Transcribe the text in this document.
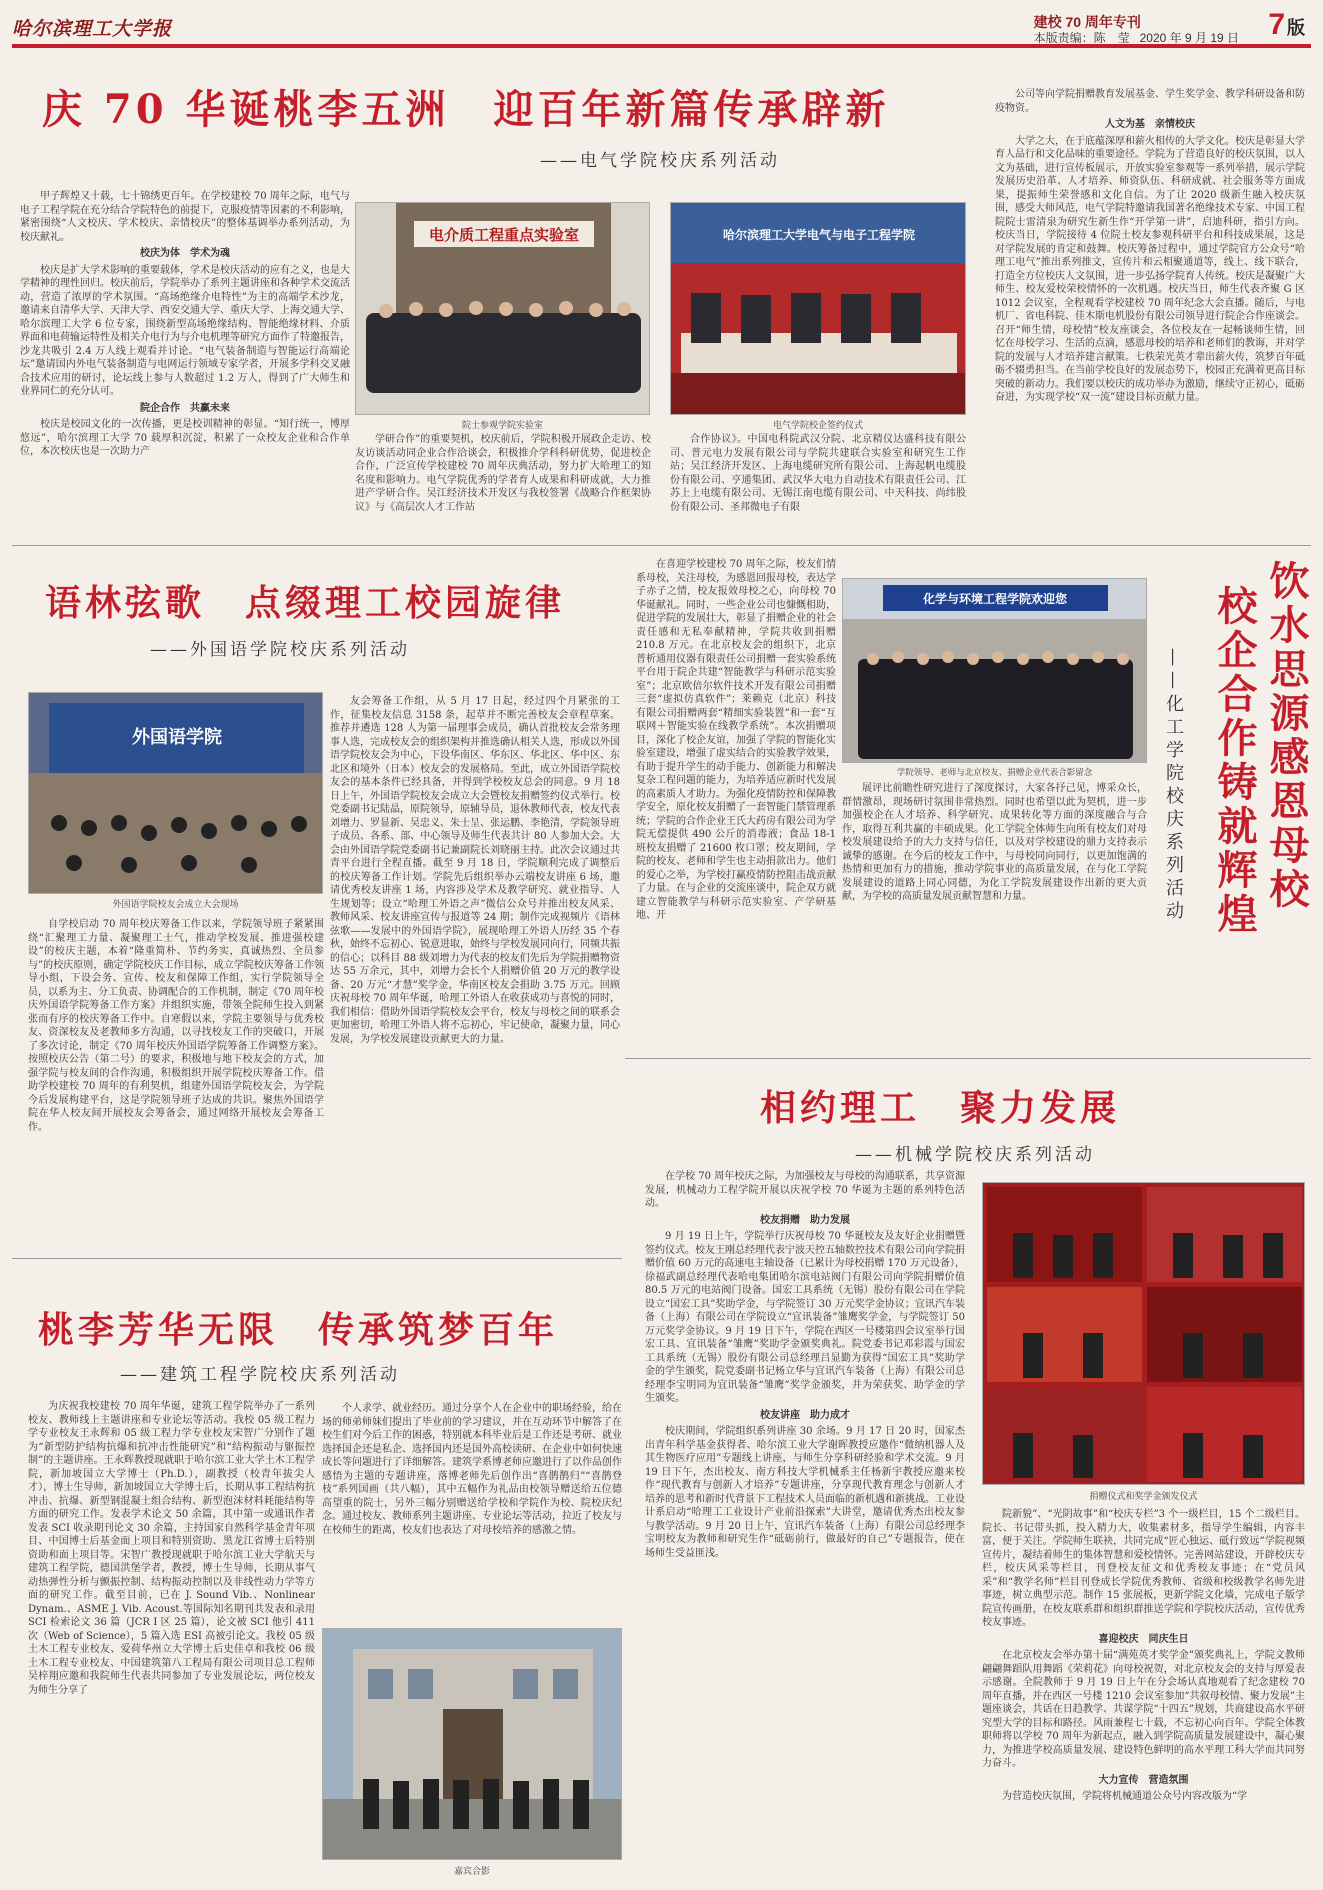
哈尔滨理工大学报	建校 70 周年专刊
本版责编：陈　莹 2020 年 9 月 19 日 7 版
庆 70 华诞桃李五洲　迎百年新篇传承辟新
——电气学院校庆系列活动

甲子辉煌又十载，七十锦绣更百年。在学校建校 70 周年之际，电气与电子工程学院在充分结合学院特色的前提下，克服疫情等因素的不利影响，紧密围绕“人文校庆、学术校庆、亲情校庆”的整体基调举办系列活动，为校庆献礼。

校庆为体　学术为魂

校庆是扩大学术影响的重要载体，学术是校庆活动的应有之义，也是大学精神的理性回归。校庆前后，学院举办了系列主题讲座和各种学术交流活动，营造了浓厚的学术氛围。“高场绝缘介电特性”为主的高端学术沙龙，邀请来自清华大学、天津大学、西安交通大学、重庆大学、上海交通大学、哈尔滨理工大学 6 位专家，围绕新型高场绝缘结构、智能绝缘材料、介质界面和电荷输运特性及相关介电行为与介电机理等研究方面作了特邀报告，沙龙共吸引 2.4 万人线上观看并讨论。“电气装备制造与智能运行高端论坛”邀请国内外电气装备制造与电网运行领域专家学者，开展多学科交叉融合技术应用的研讨，论坛线上参与人数超过 1.2 万人，得到了广大师生和业界同仁的充分认可。

院企合作　共赢未来

校庆是校园文化的一次传播，更是校训精神的彰显。“知行统一，博厚悠远”，哈尔滨理工大学 70 载厚积沉淀，积累了一众校友企业和合作单位，本次校庆也是一次助力产

电介质工程重点实验室
院士参观学院实验室
哈尔滨理工大学电气与电子工程学院
电气学院校企签约仪式

学研合作”的重要契机，校庆前后，学院积极开展政企走访、校友访谈活动同企业合作洽谈会，积极推介学科科研优势，促进校企合作，广泛宣传学校建校 70 周年庆典活动，努力扩大哈理工的知名度和影响力。电气学院优秀的学者育人成果和科研成就，大力推进产学研合作。吴江经济技术开发区与我校签署《战略合作框架协议》与《高层次人才工作站

合作协议》。中国电科院武汉分院、北京精仪达盛科技有限公司、普元电力发展有限公司与学院共建联合实验室和研究生工作站；吴江经济开发区、上海电缆研究所有限公司、上海起帆电缆股份有限公司、亨通集团、武汉华大电力自动技术有限责任公司、江苏上上电缆有限公司、无锡江南电缆有限公司、中天科技、尚纬股份有限公司、圣邦微电子有限

公司等向学院捐赠教育发展基金、学生奖学金、教学科研设备和防疫物资。

人文为基　亲情校庆

大学之大，在于底蕴深厚和薪火相传的大学文化。校庆是彰显大学育人品行和文化品味的重要途径。学院为了营造良好的校庆氛围，以人文为基础，进行宣传板展示，开放实验室参观等一系列举措，展示学院发展历史沿革、人才培养、师资队伍、科研成就、社会服务等方面成果，提振师生荣誉感和文化自信。为了让 2020 级新生融入校庆氛围，感受大师风范，电气学院特邀请我国著名绝缘技术专家、中国工程院院士雷清泉为研究生新生作“开学第一讲”，启迪科研，指引方向。校庆当日，学院接待 4 位院士校友参观科研平台和科技成果展，这是对学院发展的肯定和鼓舞。校庆筹备过程中，通过学院官方公众号“哈理工电气”推出系列推文，宣传片和云相聚通道等，线上、线下联合，打造全方位校庆人文氛围，进一步弘扬学院育人传统。校庆是凝聚广大师生、校友爱校荣校情怀的一次机遇。校庆当日，师生代表齐聚 G 区 1012 会议室，全程观看学校建校 70 周年纪念大会直播。随后，与电机厂、省电科院、佳木斯电机股份有限公司领导进行院企合作座谈会。召开“师生情，母校情”校友座谈会，各位校友在一起畅谈师生情，回忆在母校学习、生活的点滴，感恩母校的培养和老师们的教诲，并对学院的发展与人才培养建言献策。七秩荣光英才辈出薪火传，筑梦百年砥砺不辍勇担当。在当前学校良好的发展态势下，校园正充满着更高目标突破的新动力。我们要以校庆的成功举办为激励，继续守正初心，砥砺奋进，为实现学校“双一流”建设目标贡献力量。

语林弦歌　点缀理工校园旋律
——外国语学院校庆系列活动
外国语学院
外国语学院校友会成立大会现场

自学校启动 70 周年校庆筹备工作以来，学院领导班子紧紧围绕“汇聚理工力量、凝聚理工士气，推动学校发展、推进强校建设”的校庆主题，本着“隆重简朴、节约务实，真诚热烈、全员参与”的校庆原则，确定学院校庆工作目标，成立学院校庆筹备工作领导小组，下设会务、宣传、校友和保障工作组，实行学院领导全员，以系为主、分工负责、协调配合的工作机制，制定《70 周年校庆外国语学院筹备工作方案》并组织实施，带领全院师生投入到紧张而有序的校庆筹备工作中。自寒假以来，学院主要领导与优秀校友、资深校友及老教师多方沟通，以寻找校友工作的突破口，开展了多次讨论，制定《70 周年校庆外国语学院筹备工作调整方案》。按照校庆公告（第二号）的要求，积极地与地下校友会的方式，加强学院与校友间的合作沟通，积极组织开展学院校庆筹备工作。借助学校建校 70 周年的有利契机，组建外国语学院校友会，为学院今后发展构建平台，这是学院领导班子达成的共识。聚焦外国语学院在华人校友间开展校友会筹备会，通过网络开展校友会筹备工作。

友会筹备工作组，从 5 月 17 日起，经过四个月紧张的工作，征集校友信息 3158 条，起草并不断完善校友会章程草案。推荐并遴选 128 人为第一届理事会成员，确认首批校友会常务理事人选，完成校友会的组织架构并推选确认相关人选，形成以外国语学院校友会为中心，下设华南区、华东区、华北区、华中区、东北区和境外（日本）校友会的发展格局。至此，成立外国语学院校友会的基本条件已经具备，并得到学校校友总会的同意。9 月 18 日上午，外国语学院校友会成立大会暨校友捐赠签约仪式举行。校党委副书记陆晶，原院领导，原辅导员，退休教师代表，校友代表刘增力、罗显新、吴忠义、朱士呈、张运鹏、李艳清，学院领导班子成员、各系、部、中心领导及师生代表共计 80 人参加大会。大会由外国语学院党委副书记兼副院长刘晓丽主持。此次会议通过共青平台进行全程直播。截至 9 月 18 日，学院顺利完成了调整后的校庆筹备工作计划。学院先后组织举办云端校友讲座 6 场，邀请优秀校友讲座 1 场，内容涉及学术及教学研究、就业指导、人生规划等；设立“哈理工外语之声”微信公众号并推出校友风采、教师风采、校友讲座宣传与报道等 24 期；制作完成视频片《语林弦歌——发展中的外国语学院》，展现哈理工外语人历经 35 个春秋，始终不忘初心、锐意进取，始终与学校发展同向行，同频共振的信心；以科目 88 级刘增力为代表的校友们先后为学院捐赠物资达 55 万余元，其中，刘增力会长个人捐赠价值 20 万元的教学设备、20 万元“才慧”奖学金，华南区校友会捐助 3.75 万元。回顾庆祝母校 70 周年华诞，哈理工外语人在收获成功与喜悦的同时，我们相信：借助外国语学院校友会平台，校友与母校之间的联系会更加密切，哈理工外语人将不忘初心，牢记使命，凝聚力量，同心发展，为学校发展建设贡献更大的力量。

在喜迎学校建校 70 周年之际，校友们情系母校，关注母校，为感恩回报母校，表达学子赤子之情，校友报效母校之心，向母校 70 华诞献礼。同时，一些企业公司也慷慨相助，促进学院的发展壮大，彰显了捐赠企业的社会责任感和无私奉献精神，学院共收到捐赠 210.8 万元。在北京校友会的组织下，北京普析通用仪器有限责任公司捐赠一套实验系统平台用于院企共建“智能教学与科研示范实验室”；北京欧倍尔软件技术开发有限公司捐赠三套“虚拟仿真软件”；莱赖克（北京）科技有限公司捐赠两套“精细实验装置”和一套“互联网＋智能实验在线教学系统”。本次捐赠项目，深化了校企友谊，加强了学院的智能化实验室建设，增强了虚实结合的实验教学效果，有助于提升学生的动手能力、创新能力和解决复杂工程问题的能力，为培养适应新时代发展的高素质人才助力。为强化疫情防控和保障教学安全，原化校友捐赠了一套智能门禁管理系统；学院的合作企业王氏大药房有限公司为学院无偿提供 490 公斤的消毒液；食品 18-1 班校友捐赠了 21600 枚口罩；校友期间，学院的校友、老师和学生也主动捐款出力。他们的爱心之举，为学校打赢疫情防控阻击战贡献了力量。在与企业的交流座谈中，院企双方就建立智能教学与科研示范实验室、产学研基地、开

化学与环境工程学院欢迎您
学院领导、老师与北京校友、捐赠企业代表合影留念

展评比前瞻性研究进行了深度探讨，大家各抒己见，博采众长，群情激昂，现场研讨氛围非常热烈。同时也希望以此为契机，进一步加强校企在人才培养、科学研究、成果转化等方面的深度融合与合作，取得互利共赢的丰硕成果。化工学院全体师生向所有校友们对母校发展建设给予的大力支持与信任，以及对学校建设的鼎力支持表示诚挚的感谢。在今后的校友工作中，与母校同向同行，以更加饱满的热情和更加有力的措施，推动学院事业的高质量发展，在与化工学院发展建设的道路上同心同德，为化工学院发展建设作出新的更大贡献，为学校的高质量发展贡献智慧和力量。	饮水思源感恩母校
校企合作铸就辉煌
——化工学院校庆系列活动
相约理工　聚力发展
——机械学院校庆系列活动

在学校 70 周年校庆之际，为加强校友与母校的沟通联系，共享资源发展，机械动力工程学院开展以庆祝学校 70 华诞为主题的系列特色活动。

校友捐赠　助力发展

9 月 19 日上午，学院举行庆祝母校 70 华诞校友及友好企业捐赠暨签约仪式。校友王刚总经理代表宁波天控五轴数控技术有限公司向学院捐赠价值 60 万元的高速电主轴设备（已累计为母校捐赠 170 万元设备），徐福武副总经理代表哈电集团哈尔滨电站阀门有限公司向学院捐赠价值 80.5 万元的电站阀门设备。国宏工具系统（无锡）股份有限公司在学院设立“国宏工具”奖助学金，与学院签订 30 万元奖学金协议；宜讯汽车装备（上海）有限公司在学院设立“宜讯装备”雏鹰奖学金，与学院签订 50 万元奖学金协议。9 月 19 日下午，学院在西区一号楼第四会议室举行国宏工具、宜讯装备“雏鹰”奖助学金颁奖典礼。院党委书记邓彩霞与国宏工具系统（无锡）股份有限公司总经理吕显勤为获得“国宏工具”奖助学金的学生颁奖，院党委副书记杨立华与宜讯汽车装备（上海）有限公司总经理李宝明同为宜讯装备“雏鹰”奖学金颁奖，并为荣获奖、助学金的学生颁奖。

校友讲座　助力成才

校庆期间，学院组织系列讲座 30 余场。9 月 17 日 20 时，国家杰出青年科学基金获得者、哈尔滨工业大学谢晖教授应邀作“微纳机器人及其生物医疗应用”专题线上讲座，与师生分享科研经验和学术交流。9 月 19 日下午，杰出校友、南方科技大学机械系主任杨新宇教授应邀来校作“现代教育与创新人才培养”专题讲座，分享现代教育理念与创新人才培养的思考和新时代背景下工程技术人员面临的新机遇和新挑战。工业设计系启动“哈理工工业设计产业前沿探索”大讲堂，邀请优秀杰出校友参与教学活动。9 月 20 日上午，宜讯汽车装备（上海）有限公司总经理李宝明校友为教师和研究生作“砥砺前行，做最好的自己”专题报告，使在场师生受益匪浅。

捐赠仪式和奖学金颁发仪式

院新貌”、“光阴故事”和“校庆专栏”3 个一级栏目，15 个二级栏目。院长、书记带头抓，投入精力大，收集素材多，指导学生编辑，内容丰富，便于关注。学院师生联袂，共同完成“匠心独运、砥行致远”学院视频宣传片，凝结着师生的集体智慧和爱校情怀。完善网站建设，开辟校庆专栏，校庆风采等栏目，刊登校友征文和优秀校友事迹；在“党员风采”和“教学名师”栏目刊登成长学院优秀教师、省级和校级教学名师先进事迹，树立典型示范。制作 15 张展板，更新学院文化墙，完成电子版学院宣传画册，在校友联系群和组织群推送学院和学院校庆活动，宣传优秀校友事迹。

喜迎校庆　同庆生日

在北京校友会举办第十届“满苑英才奖学金”颁奖典礼上，学院文教师翩翩舞蹈队用舞蹈《荣莉花》向母校祝贺，对北京校友会的支持与厚爱表示感谢。全院教师于 9 月 19 日上午在分会场认真地观看了纪念建校 70 周年直播，并在西区一号楼 1210 会议室参加“共叙母校情、聚力发展”主题座谈会，共话在日趋教学、共谋学院“十四五”规划，共商建设高水平研究型大学的目标和路径。风雨兼程七十载，不忘初心向百年。学院全体教职师将以学校 70 周年为新起点，融入到学院高质量发展建设中，凝心聚力，为推进学校高质量发展、建设特色鲜明的高水平理工科大学而共同努力奋斗。

大力宣传　营造氛围

为营造校庆氛围，学院将机械通道公众号内容改版为“学

桃李芳华无限　传承筑梦百年
——建筑工程学院校庆系列活动

为庆祝我校建校 70 周年华诞，建筑工程学院举办了一系列校友、教师线上主题讲座和专业论坛等活动。我校 05 级工程力学专业校友王永辉和 05 级工程力学专业校友宋智广分别作了题为“新型防护结构抗爆和抗冲击性能研究”和“结构振动与躯振控制”的主题讲座。王永辉教授现就职于哈尔滨工业大学土木工程学院，新加坡国立大学博士（Ph.D.），副教授（校青年拔尖人才），博士生导师，新加坡国立大学博士后，长期从事工程结构抗冲击、抗爆、新型钢混凝土组合结构、新型泡沫材料耗能结构等方面的研究工作。发表学术论文 50 余篇，其中第一或通讯作者发表 SCI 收录期刊论文 30 余篇，主持国家自然科学基金青年项目、中国博士后基金面上项目和特别资助、黑龙江省博士后特别资助和面上项目等。宋智广教授现就职于哈尔滨工业大学航天与建筑工程学院，德国洪堡学者，教授，博士生导师，长期从事气动热弹性分析与颤振控制、结构振动控制以及非线性动力学等方面的研究工作。截至目前，已在 J. Sound Vib.、Nonlinear Dynam.、ASME J. Vib. Acoust.等国际知名期刊共发表和录用 SCI 检索论文 36 篇（JCR I 区 25 篇），论文被 SCI 他引 411 次（Web of Science），5 篇入选 ESI 高被引论文。我校 05 级土木工程专业校友、爱荷华州立大学博士后史佳卓和我校 06 级土木工程专业校友、中国建筑第八工程局有限公司项目总工程师吴梓翔应邀和我院师生代表共同参加了专业发展论坛，两位校友为师生分享了

个人求学、就业经历。通过分享个人在企业中的职场经验，给在场的师弟师妹们提出了毕业前的学习建议，并在互动环节中解答了在校生们对今后工作的困惑，特别就本科毕业后是工作还是考研、就业选择国企还是私企、选择国内还是国外高校读研、在企业中如何快速成长等问题进行了详细解答。建筑学系博老师应邀进行了以作品创作感悟为主题的专题讲座，落博老师先后创作出“喜鹊鹊归”“喜鹊登枝”系列国画（共八幅），其中五幅作为礼品由校领导赠送给五位德高望重的院士，另外三幅分别赠送给学校和学院作为校、院校庆纪念。通过校友、教师系列主题讲座、专业论坛等活动，拉近了校友与在校师生的距离，校友们也表达了对母校培养的感激之情。

嘉宾合影
